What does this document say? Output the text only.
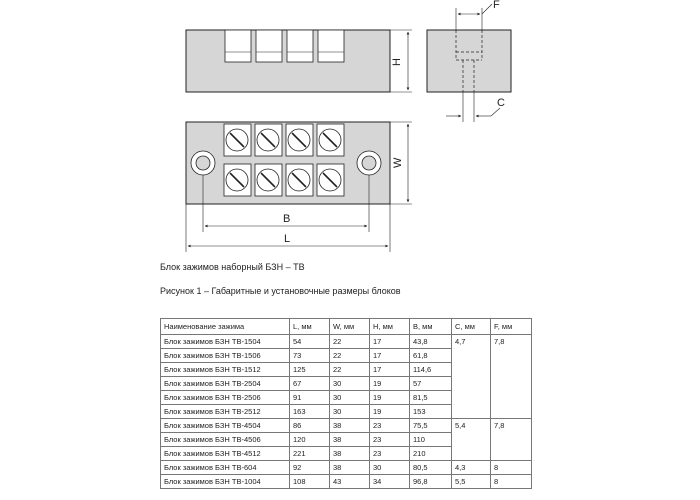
H
F
C
W
B
L
Блок зажимов наборный БЗН – ТВ
Рисунок 1 – Габаритные и установочные размеры блоков
Наименование зажима	L, мм	W, мм	H, мм	B, мм	C, мм	F, мм
Блок зажимов БЗН ТВ-1504	54	22	17	43,8	4,7	7,8
Блок зажимов БЗН ТВ-1506	73	22	17	61,8		
Блок зажимов БЗН ТВ-1512	125	22	17	114,6		
Блок зажимов БЗН ТВ-2504	67	30	19	57		
Блок зажимов БЗН ТВ-2506	91	30	19	81,5		
Блок зажимов БЗН ТВ-2512	163	30	19	153		
Блок зажимов БЗН ТВ-4504	86	38	23	75,5	5,4	7,8
Блок зажимов БЗН ТВ-4506	120	38	23	110		
Блок зажимов БЗН ТВ-4512	221	38	23	210		
Блок зажимов БЗН ТВ-604	92	38	30	80,5	4,3	8
Блок зажимов БЗН ТВ-1004	108	43	34	96,8	5,5	8
